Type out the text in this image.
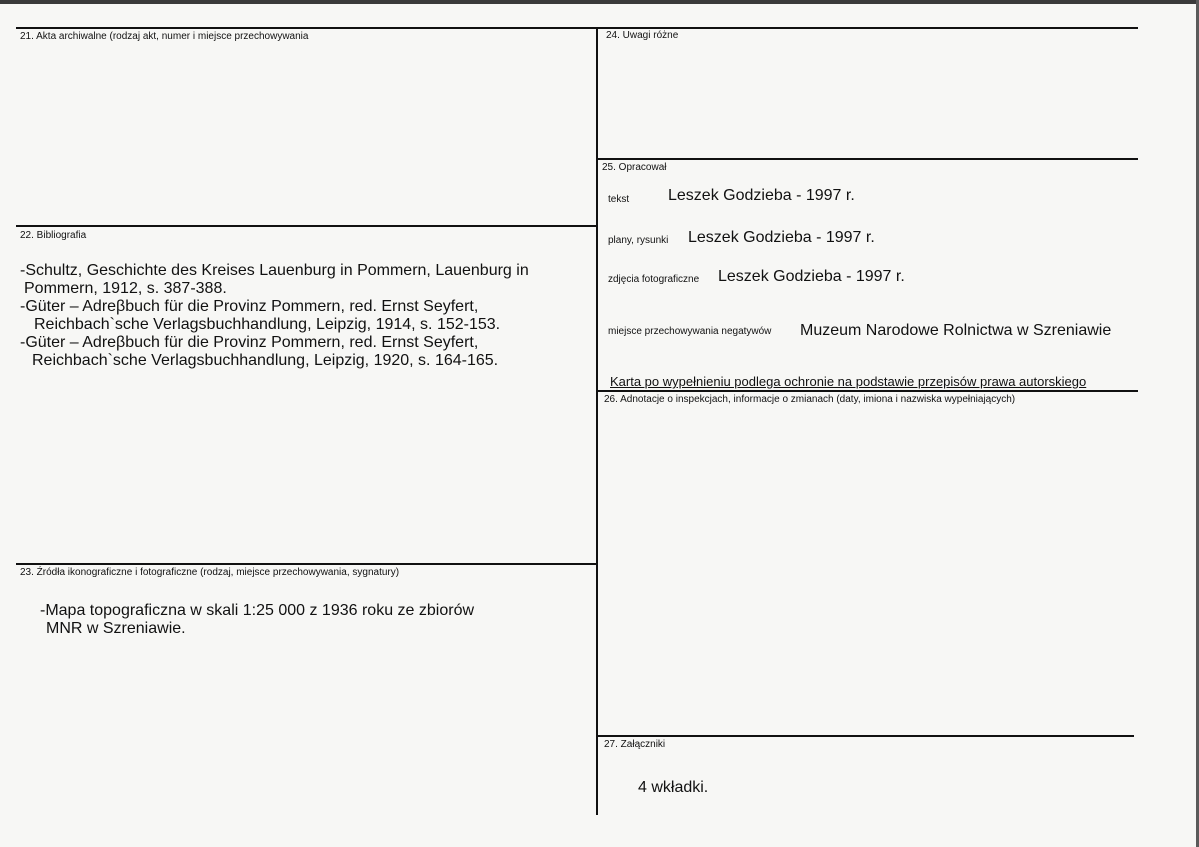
21. Akta archiwalne (rodzaj akt, numer i miejsce przechowywania
22. Bibliografia
-Schultz, Geschichte des Kreises Lauenburg in Pommern, Lauenburg in
Pommern, 1912, s. 387-388.
-Güter – Adreβbuch für die Provinz Pommern, red. Ernst Seyfert,
Reichbach`sche Verlagsbuchhandlung, Leipzig, 1914, s. 152-153.
-Güter – Adreβbuch für die Provinz Pommern, red. Ernst Seyfert,
Reichbach`sche Verlagsbuchhandlung, Leipzig, 1920, s. 164-165.
23. Źródła ikonograficzne i fotograficzne (rodzaj, miejsce przechowywania, sygnatury)
-Mapa topograficzna w skali 1:25 000 z 1936 roku ze zbiorów
MNR w Szreniawie.
24. Uwagi różne
25. Opracował
tekst Leszek Godzieba - 1997 r.
plany, rysunki Leszek Godzieba - 1997 r.
zdjęcia fotograficzne Leszek Godzieba - 1997 r.
miejsce przechowywania negatywów Muzeum Narodowe Rolnictwa w Szreniawie
Karta po wypełnieniu podlega ochronie na podstawie przepisów prawa autorskiego
26. Adnotacje o inspekcjach, informacje o zmianach (daty, imiona i nazwiska wypełniających)
27. Załączniki
4 wkładki.
